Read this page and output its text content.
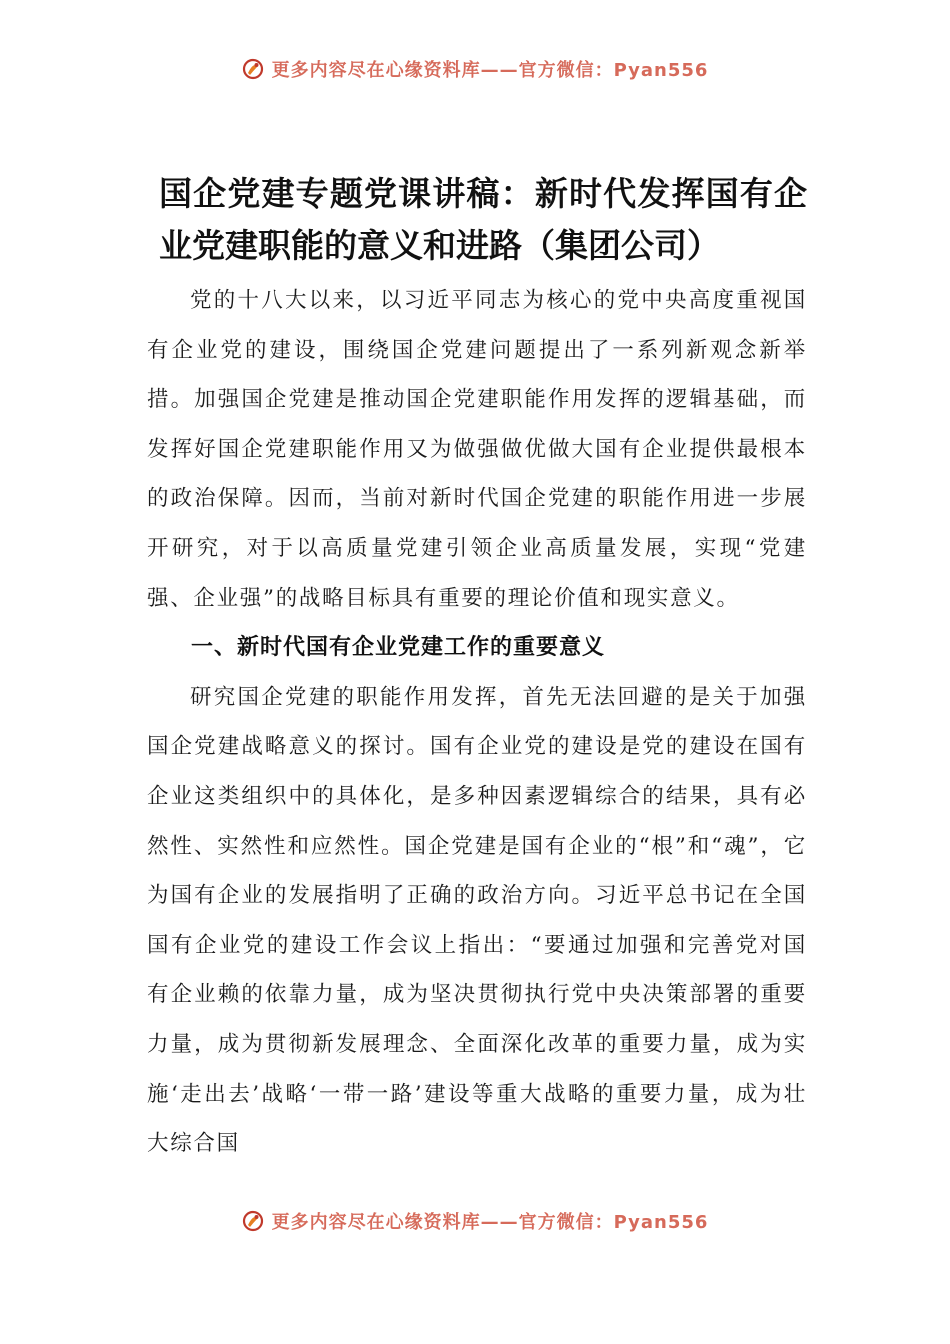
更多内容尽在心缘资料库——官方微信：Pyan556
国企党建专题党课讲稿：新时代发挥国有企业党建职能的意义和进路（集团公司）

党的十八大以来，以习近平同志为核心的党中央高度重视国有企业党的建设，围绕国企党建问题提出了一系列新观念新举措。加强国企党建是推动国企党建职能作用发挥的逻辑基础，而发挥好国企党建职能作用又为做强做优做大国有企业提供最根本的政治保障。因而，当前对新时代国企党建的职能作用进一步展开研究，对于以高质量党建引领企业高质量发展，实现“党建强、企业强”的战略目标具有重要的理论价值和现实意义。

一、新时代国有企业党建工作的重要意义

研究国企党建的职能作用发挥，首先无法回避的是关于加强国企党建战略意义的探讨。国有企业党的建设是党的建设在国有企业这类组织中的具体化，是多种因素逻辑综合的结果，具有必然性、实然性和应然性。国企党建是国有企业的“根”和“魂”，它为国有企业的发展指明了正确的政治方向。习近平总书记在全国国有企业党的建设工作会议上指出：“要通过加强和完善党对国有企业赖的依靠力量，成为坚决贯彻执行党中央决策部署的重要力量，成为贯彻新发展理念、全面深化改革的重要力量，成为实施‘走出去’战略‘一带一路’建设等重大战略的重要力量，成为壮大综合国

更多内容尽在心缘资料库——官方微信：Pyan556
